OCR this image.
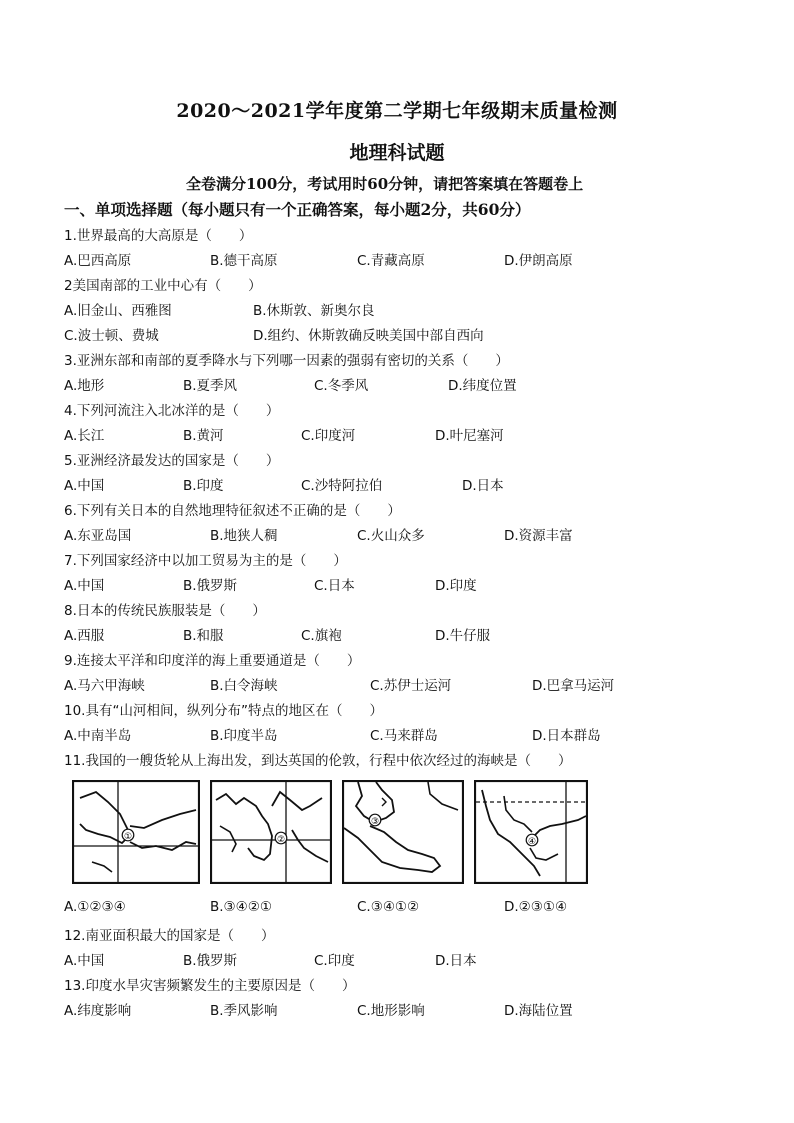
2020～2021学年度第二学期七年级期末质量检测
地理科试题
全卷满分100分，考试用时60分钟，请把答案填在答题卷上
一、单项选择题（每小题只有一个正确答案，每小题2分，共60分）
1.世界最高的大高原是（　　）
A.巴西高原	B.德干高原	C.青藏高原	D.伊朗高原
2美国南部的工业中心有（　　）
A.旧金山、西雅图	B.休斯敦、新奥尔良
C.波士顿、费城	D.组约、休斯敦确反映美国中部自西向
3.亚洲东部和南部的夏季降水与下列哪一因素的强弱有密切的关系（　　）
A.地形	B.夏季风	C.冬季风	D.纬度位置
4.下列河流注入北冰洋的是（　　）
A.长江	B.黄河	C.印度河	D.叶尼塞河
5.亚洲经济最发达的国家是（　　）
A.中国	B.印度	C.沙特阿拉伯	D.日本
6.下列有关日本的自然地理特征叙述不正确的是（　　）
A.东亚岛国	B.地狭人稠	C.火山众多	D.资源丰富
7.下列国家经济中以加工贸易为主的是（　　）
A.中国	B.俄罗斯	C.日本	D.印度
8.日本的传统民族服装是（　　）
A.西服	B.和服	C.旗袍	D.牛仔服
9.连接太平洋和印度洋的海上重要通道是（　　）
A.马六甲海峡	B.白令海峡	C.苏伊士运河	D.巴拿马运河
10.具有“山河相间，纵列分布”特点的地区在（　　）
A.中南半岛	B.印度半岛	C.马来群岛	D.日本群岛
11.我国的一艘货轮从上海出发，到达英国的伦敦，行程中依次经过的海峡是（　　）
①	②
③
④
A.①②③④	B.③④②①	C.③④①②	D.②③①④
12.南亚面积最大的国家是（　　）
A.中国	B.俄罗斯	C.印度	D.日本
13.印度水旱灾害频繁发生的主要原因是（　　）
A.纬度影响	B.季风影响	C.地形影响	D.海陆位置
